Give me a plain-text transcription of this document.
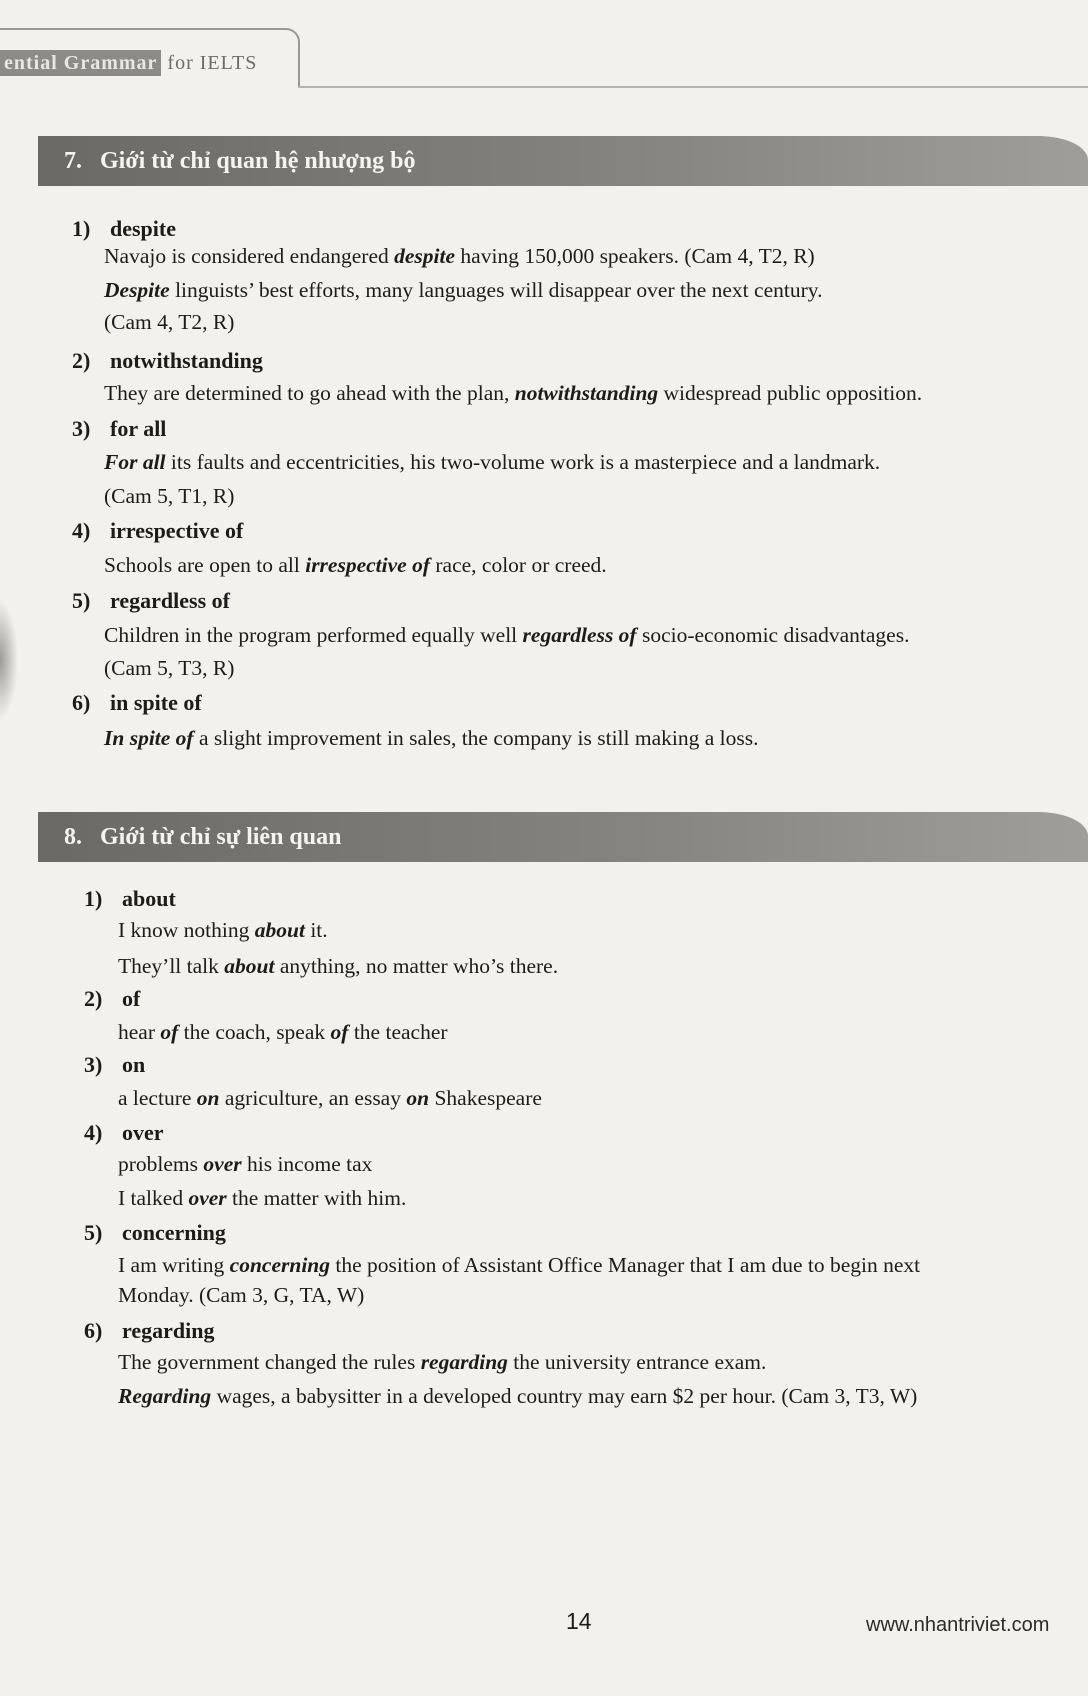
ential Grammar for IELTS
7. Giới từ chỉ quan hệ nhượng bộ
1) despite
Navajo is considered endangered despite having 150,000 speakers. (Cam 4, T2, R)
Despite linguists’ best efforts, many languages will disappear over the next century.
(Cam 4, T2, R)
2) notwithstanding
They are determined to go ahead with the plan, notwithstanding widespread public opposition.
3) for all
For all its faults and eccentricities, his two-volume work is a masterpiece and a landmark.
(Cam 5, T1, R)
4) irrespective of
Schools are open to all irrespective of race, color or creed.
5) regardless of
Children in the program performed equally well regardless of socio-economic disadvantages.
(Cam 5, T3, R)
6) in spite of
In spite of a slight improvement in sales, the company is still making a loss.
8. Giới từ chỉ sự liên quan
1) about
I know nothing about it.
They’ll talk about anything, no matter who’s there.
2) of
hear of the coach, speak of the teacher
3) on
a lecture on agriculture, an essay on Shakespeare
4) over
problems over his income tax
I talked over the matter with him.
5) concerning
I am writing concerning the position of Assistant Office Manager that I am due to begin next
Monday. (Cam 3, G, TA, W)
6) regarding
The government changed the rules regarding the university entrance exam.
Regarding wages, a babysitter in a developed country may earn $2 per hour. (Cam 3, T3, W)
14	www.nhantriviet.com
